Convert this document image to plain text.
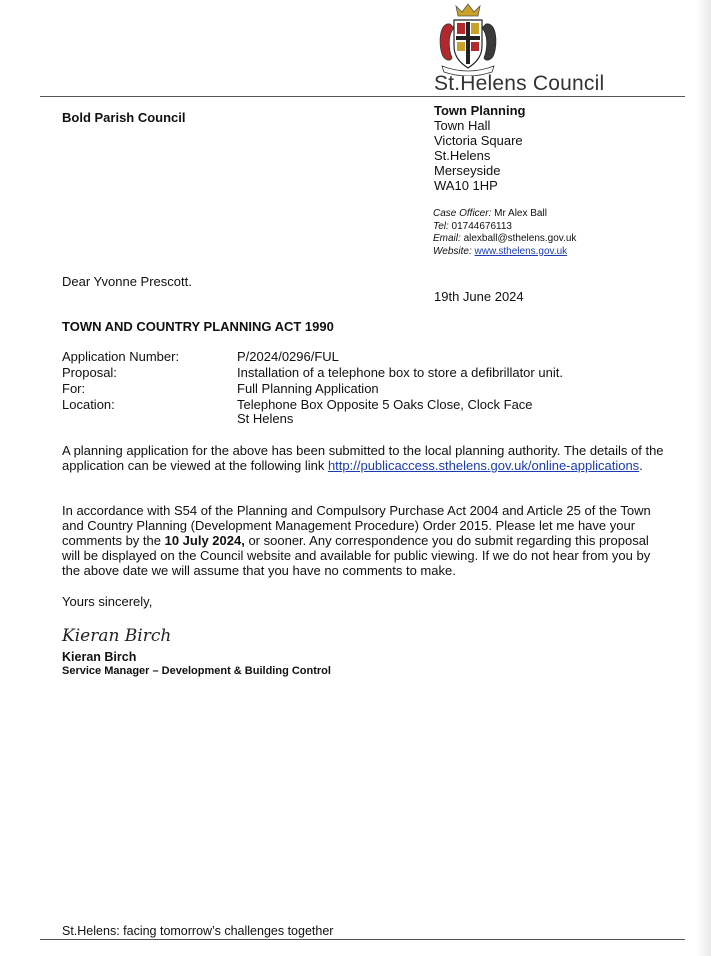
St.Helens Council
Bold Parish Council	Town Planning
Town Hall
Victoria Square
St.Helens
Merseyside
WA10 1HP
Case Officer: Mr Alex Ball
Tel: 01744676113
Email: alexball@sthelens.gov.uk
Website: www.sthelens.gov.uk
Dear Yvonne Prescott.
19th June 2024
TOWN AND COUNTRY PLANNING ACT 1990
Application Number:	P/2024/0296/FUL
Proposal:	Installation of a telephone box to store a defibrillator unit.
For:	Full Planning Application
Location:	Telephone Box Opposite 5 Oaks Close, Clock Face
St Helens
A planning application for the above has been submitted to the local planning authority. The details of the application can be viewed at the following link http://publicaccess.sthelens.gov.uk/online-applications.
In accordance with S54 of the Planning and Compulsory Purchase Act 2004 and Article 25 of the Town and Country Planning (Development Management Procedure) Order 2015. Please let me have your comments by the 10 July 2024, or sooner. Any correspondence you do submit regarding this proposal will be displayed on the Council website and available for public viewing. If we do not hear from you by the above date we will assume that you have no comments to make.
Yours sincerely,
Kieran Birch
Kieran Birch
Service Manager – Development & Building Control
St.Helens: facing tomorrow’s challenges together
